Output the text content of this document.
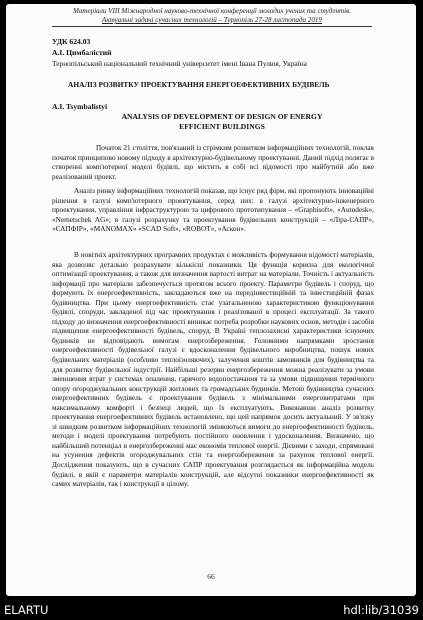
Матеріали VIII Міжнародної науково-технічної конференції молодих учених та студентів.
Актуальні задачі сучасних технологій – Тернопіль 27-28 листопада 2019
УДК 624.03
А.І. Цимбалістий
Тернопільський національний технічний університет імені Івана Пулюя, Україна
АНАЛІЗ РОЗВИТКУ ПРОЕКТУВАННЯ ЕНЕРГОЕФЕКТИВНИХ БУДІВЕЛЬ
A.I. Tsymbalistyi
ANALYSIS OF DEVELOPMENT OF DESIGN OF ENERGY
EFFICIENT BUILDINGS
Початок 21 століття, пов'язаний із стрімким розвитком інформаційних технологій, поклав початок принципово новому підходу в архітектурно-будівельному проектуванні. Даний підхід полягає в створенні комп'ютерної моделі будівлі, що містить в собі всі відомості про майбутній або вже реалізований проект.
Аналіз ринку інформаційних технологій показав, що існує ряд фірм, які пропонують інноваційні рішення в галузі комп'ютерного проектування, серед них: в галузі архітектурно-інженерного проектування, управління інфраструктурою та цифрового прототипування – «Graphisoft», «Autodesk», «Nemetschek AG»; в галузі розрахунку та проектування будівельних конструкцій – «Ліра-САПР», «САПФІР», «MANOMAX» «SCAD Soft», «ROBOT», «Аскон».
В новітніх архітектурних програмних продуктах є можливість формування відомості матеріалів, яка дозволяє детально розрахувати кількісні показники. Ця функція корисна для екологічної оптимізації проектування, а також для визначення вартості витрат на матеріали. Точність і актуальність інформації про матеріали забезпечується протягом всього проекту. Параметри будівель і споруд, що формують їх енергоефективність, закладаються вже на передінвестиційній та інвестиційній фазах будівництва. При цьому енергоефективність стає узагальненою характеристикою функціонування будівлі, споруди, закладеної під час проектування і реалізованої в процесі експлуатації. За такого підходу до визначення енергоефективності виникає потреба розробки наукових основ, методів і засобів підвищення енергоефективності будівель, споруд. В Україні теплозахисні характеристики існуючих будинків не відповідають вимогам енергозбереження. Головними напрямками зростання енергоефективності будівельної галузі є вдосконалення будівельного виробництва, пошук нових будівельних матеріалів (особливо теплоізоляючих), залучення коштів замовників для будівництва та для розвитку будівельної індустрії. Найбільші резерви енергозбереження можна реалізувати за умови зменшення втрат у системах опалення, гарячого водопостачання та за умови підвищення термічного опору огороджувальних конструкцій житлових та громадських будинків. Метою будівництва сучасних енергоефективних будівель є проектування будівель з мінімальними енерговитратами при максимальному комфорті і безпеці людей, що їх експлуатують. Виконавши аналіз розвитку проектування енергоефективних будівель встановлено, що цей напрямок досить актуальний. У зв'язку зі швидким розвитком інформаційних технологій змінюються вимоги до енергоефективності будівель, методи і моделі проектування потребують постійного оновлення і удосконалення. Визначено, що найбільший потенціал в енергозбереженні має економія теплової енергії. Дієвими є заходи, спрямовані на усунення дефектів огороджувальних стін та енергозбереження за рахунок теплової енергії. Дослідження показують, що в сучасних САПР проектування розглядається як інформаційна модель будівлі, в якій є параметри матеріалів конструкцій, але відсутні показники енергоефективності як самих матеріалів, так і конструкції в цілому.
66
ELARTU	hdl:lib/31039
